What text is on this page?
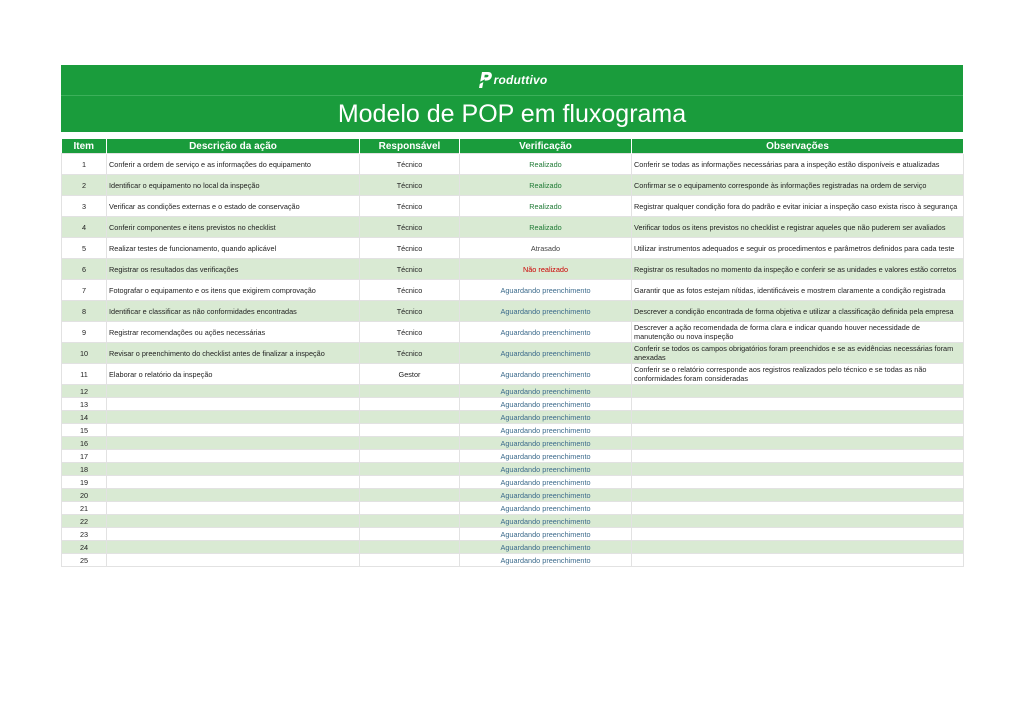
roduttivo
Modelo de POP em fluxograma
Item	Descrição da ação	Responsável	Verificação	Observações
1	Conferir a ordem de serviço e as informações do equipamento	Técnico	Realizado	Conferir se todas as informações necessárias para a inspeção estão disponíveis e atualizadas
2	Identificar o equipamento no local da inspeção	Técnico	Realizado	Confirmar se o equipamento corresponde às informações registradas na ordem de serviço
3	Verificar as condições externas e o estado de conservação	Técnico	Realizado	Registrar qualquer condição fora do padrão e evitar iniciar a inspeção caso exista risco à segurança
4	Conferir componentes e itens previstos no checklist	Técnico	Realizado	Verificar todos os itens previstos no checklist e registrar aqueles que não puderem ser avaliados
5	Realizar testes de funcionamento, quando aplicável	Técnico	Atrasado	Utilizar instrumentos adequados e seguir os procedimentos e parâmetros definidos para cada teste
6	Registrar os resultados das verificações	Técnico	Não realizado	Registrar os resultados no momento da inspeção e conferir se as unidades e valores estão corretos
7	Fotografar o equipamento e os itens que exigirem comprovação	Técnico	Aguardando preenchimento	Garantir que as fotos estejam nítidas, identificáveis e mostrem claramente a condição registrada
8	Identificar e classificar as não conformidades encontradas	Técnico	Aguardando preenchimento	Descrever a condição encontrada de forma objetiva e utilizar a classificação definida pela empresa
9	Registrar recomendações ou ações necessárias	Técnico	Aguardando preenchimento	Descrever a ação recomendada de forma clara e indicar quando houver necessidade de manutenção ou nova inspeção
10	Revisar o preenchimento do checklist antes de finalizar a inspeção	Técnico	Aguardando preenchimento	Conferir se todos os campos obrigatórios foram preenchidos e se as evidências necessárias foram anexadas
11	Elaborar o relatório da inspeção	Gestor	Aguardando preenchimento	Conferir se o relatório corresponde aos registros realizados pelo técnico e se todas as não conformidades foram consideradas
12			Aguardando preenchimento	
13			Aguardando preenchimento	
14			Aguardando preenchimento	
15			Aguardando preenchimento	
16			Aguardando preenchimento	
17			Aguardando preenchimento	
18			Aguardando preenchimento	
19			Aguardando preenchimento	
20			Aguardando preenchimento	
21			Aguardando preenchimento	
22			Aguardando preenchimento	
23			Aguardando preenchimento	
24			Aguardando preenchimento	
25			Aguardando preenchimento	
